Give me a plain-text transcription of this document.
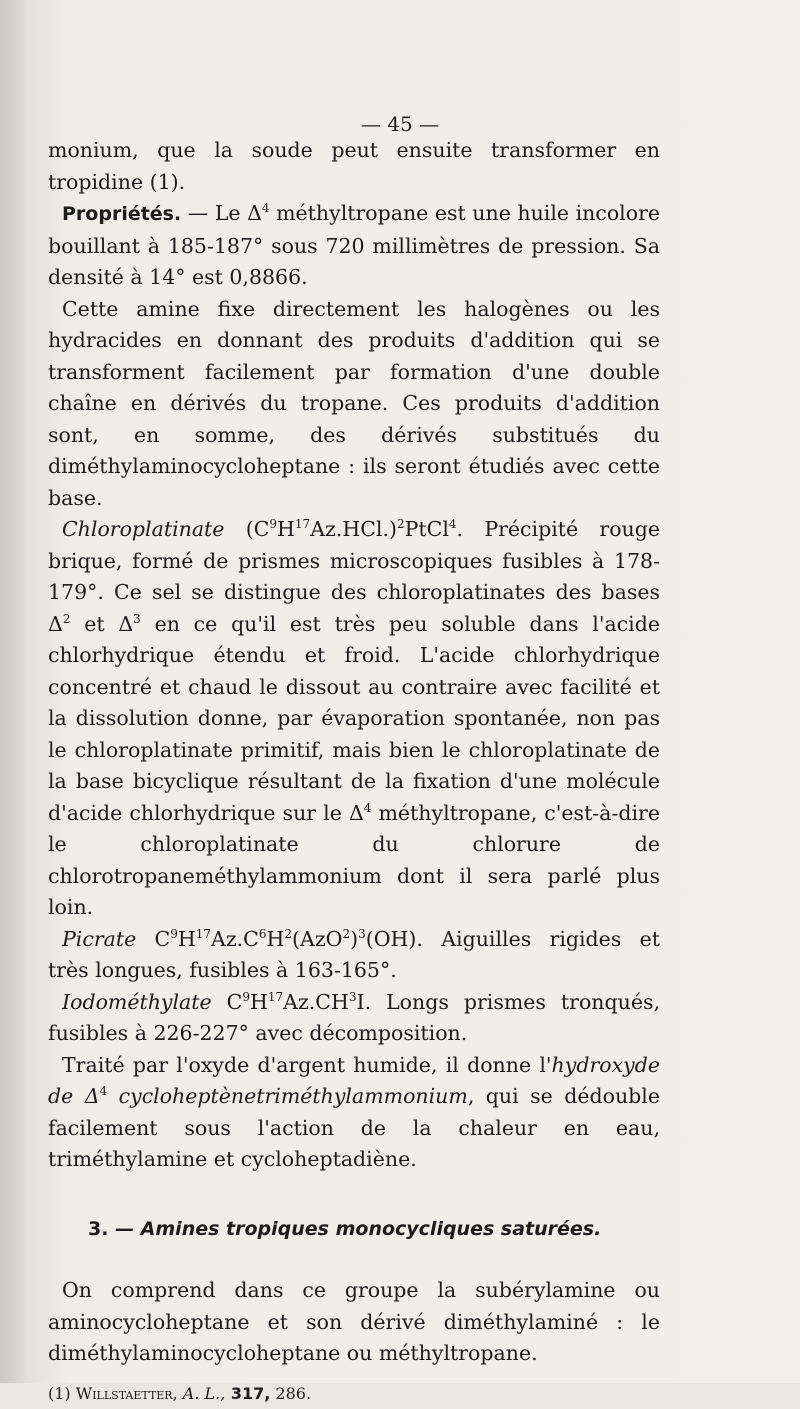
— 45 —

monium, que la soude peut ensuite transformer en tropidine (1).

Propriétés. — Le $\Delta^4$ méthyltropane est une huile incolore bouillant à 185-187° sous 720 millimètres de pression. Sa densité à 14° est 0,8866.

Cette amine fixe directement les halogènes ou les hydracides en donnant des produits d'addition qui se transforment facilement par formation d'une double chaîne en dérivés du tropane. Ces produits d'addition sont, en somme, des dérivés substitués du diméthylaminocycloheptane : ils seront étudiés avec cette base.

Chloroplatinate $(C^9H^{17}Az.HCl.)^2PtCl^4$. Précipité rouge brique, formé de prismes microscopiques fusibles à 178-179°. Ce sel se distingue des chloroplatinates des bases $\Delta^2$ et $\Delta^3$ en ce qu'il est très peu soluble dans l'acide chlorhydrique étendu et froid. L'acide chlorhydrique concentré et chaud le dissout au contraire avec facilité et la dissolution donne, par évaporation spontanée, non pas le chloroplatinate primitif, mais bien le chloroplatinate de la base bicyclique résultant de la fixation d'une molécule d'acide chlorhydrique sur le $\Delta^4$ méthyltropane, c'est-à-dire le chloroplatinate du chlorure de chlorotropaneméthylammonium dont il sera parlé plus loin.

Picrate $C^9H^{17}Az.C^6H^2(AzO^2)^3(OH)$. Aiguilles rigides et très longues, fusibles à 163-165°.

Iodométhylate $C^9H^{17}Az.CH^3I$. Longs prismes tronqués, fusibles à 226-227° avec décomposition.

Traité par l'oxyde d'argent humide, il donne l'hydroxyde de $\Delta^4$ cycloheptènetriméthylammonium, qui se dédouble facilement sous l'action de la chaleur en eau, triméthylamine et cycloheptadiène.

3. — Amines tropiques monocycliques saturées.

On comprend dans ce groupe la subérylamine ou aminocycloheptane et son dérivé diméthylaminé : le diméthylaminocycloheptane ou méthyltropane.

(1) Willstaetter, A. L., 317, 286.
